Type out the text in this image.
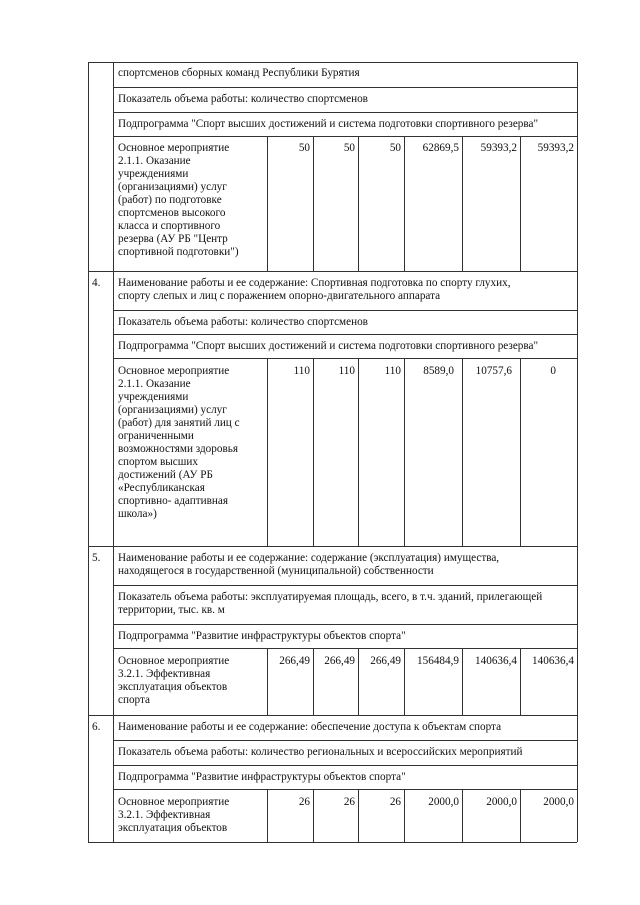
спортсменов сборных команд Республики Бурятия
Показатель объема работы: количество спортсменов
Подпрограмма "Спорт высших достижений и система подготовки спортивного резерва"
Основное мероприятие
2.1.1. Оказание
учреждениями
(организациями) услуг
(работ) по подготовке
спортсменов высокого
класса и спортивного
резерва (АУ РБ "Центр
спортивной подготовки")
50	50	50	62869,5	59393,2	59393,2
4. Наименование работы и ее содержание: Спортивная подготовка по спорту глухих,
спорту слепых и лиц с поражением опорно-двигательного аппарата
Показатель объема работы: количество спортсменов
Подпрограмма "Спорт высших достижений и система подготовки спортивного резерва"
Основное мероприятие
2.1.1. Оказание
учреждениями
(организациями) услуг
(работ) для занятий лиц с
ограниченными
возможностями здоровья
спортом высших
достижений (АУ РБ
«Республиканская
спортивно- адаптивная
школа»)
110	110	110	8589,0	10757,6	0
5. Наименование работы и ее содержание: содержание (эксплуатация) имущества,
находящегося в государственной (муниципальной) собственности
Показатель объема работы: эксплуатируемая площадь, всего, в т.ч. зданий, прилегающей
территории, тыс. кв. м
Подпрограмма "Развитие инфраструктуры объектов спорта"
Основное мероприятие
3.2.1. Эффективная
эксплуатация объектов
спорта
266,49	266,49	266,49	156484,9	140636,4	140636,4
6. Наименование работы и ее содержание: обеспечение доступа к объектам спорта
Показатель объема работы: количество региональных и всероссийских мероприятий
Подпрограмма "Развитие инфраструктуры объектов спорта"
Основное мероприятие
3.2.1. Эффективная
эксплуатация объектов
26	26	26	2000,0	2000,0	2000,0
